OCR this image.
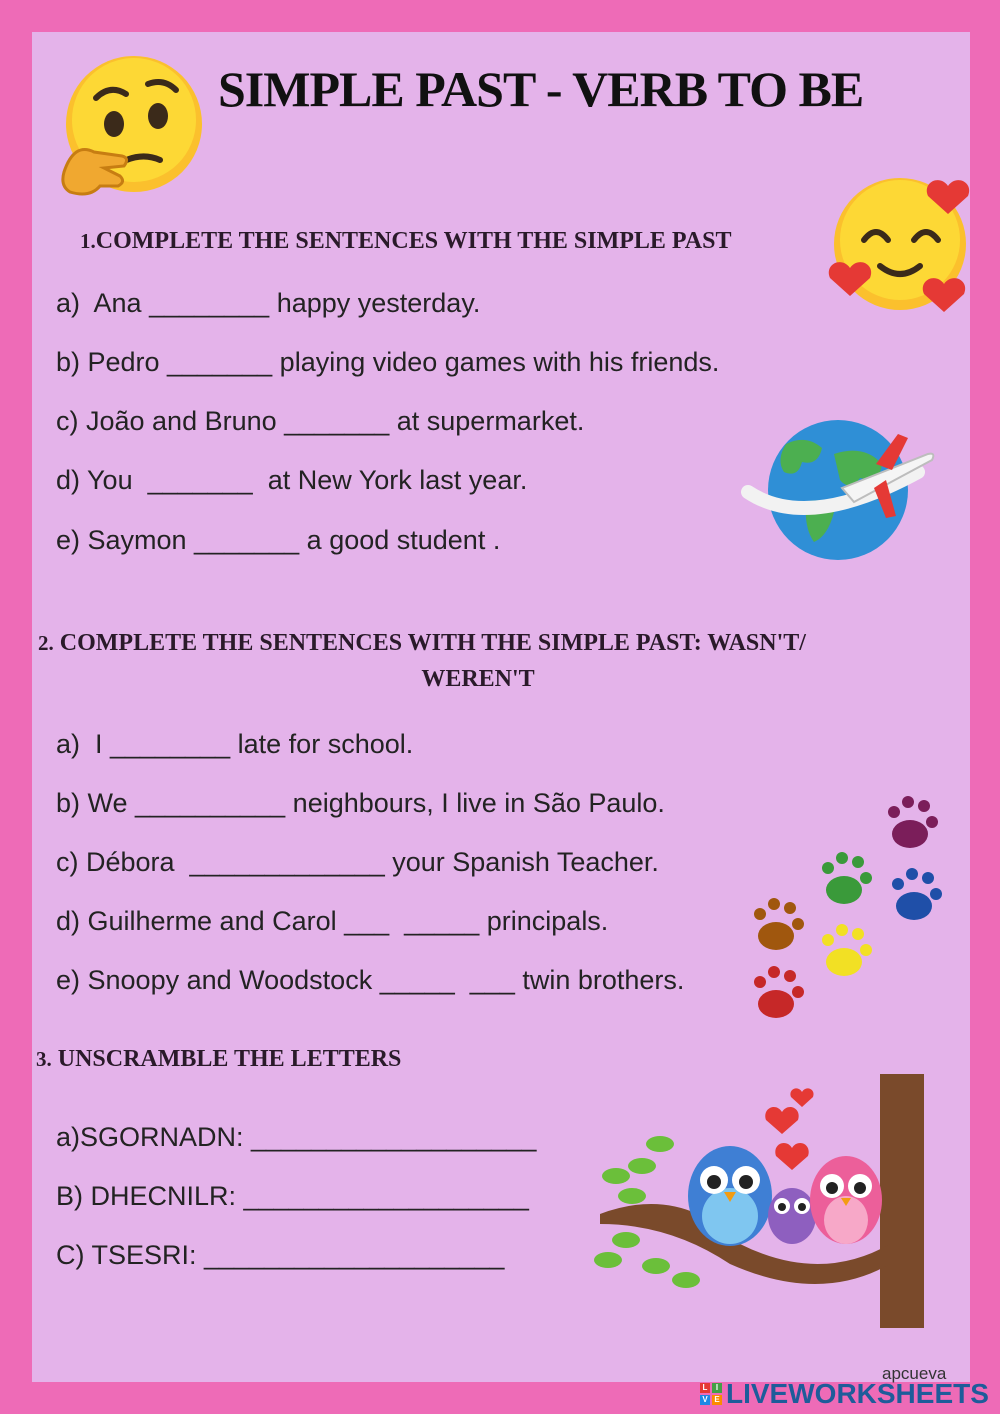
SIMPLE PAST - VERB TO BE
1.COMPLETE THE SENTENCES WITH THE SIMPLE PAST
a)  Ana ________ happy yesterday.
b) Pedro _______ playing video games with his friends.
c) João and Bruno _______ at supermarket.
d) You  _______  at New York last year.
e) Saymon _______ a good student .
2. COMPLETE THE SENTENCES WITH THE SIMPLE PAST: WASN'T/
WEREN'T
a)  I ________ late for school.
b) We __________ neighbours, I live in São Paulo.
c) Débora  _____________ your Spanish Teacher.
d) Guilherme and Carol ___  _____ principals.
e) Snoopy and Woodstock _____  ___ twin brothers.
3. UNSCRAMBLE THE LETTERS
a)SGORNADN: ___________________
B) DHECNILR: ___________________
C) TSESRI: ____________________
apcueva
L	I
V E LIVEWORKSHEETS
